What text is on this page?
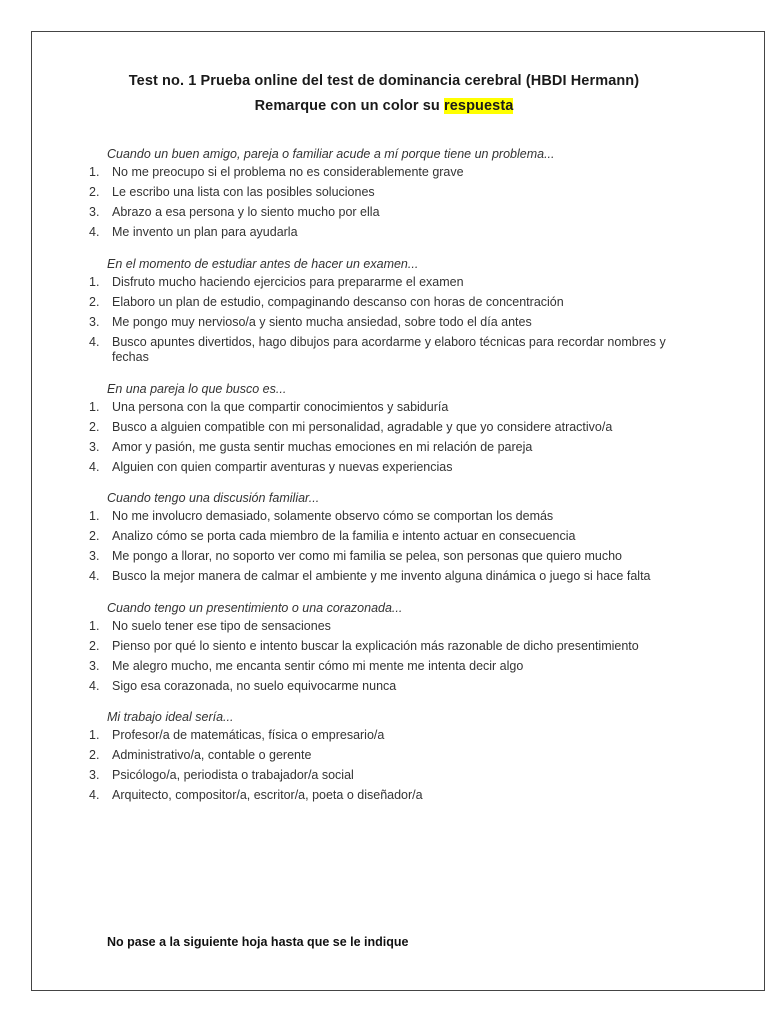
Test no. 1 Prueba online del test de dominancia cerebral (HBDI Hermann)
Remarque con un color su respuesta
Cuando un buen amigo, pareja o familiar acude a mí porque tiene un problema...
1. No me preocupo si el problema no es considerablemente grave
2. Le escribo una lista con las posibles soluciones
3. Abrazo a esa persona y lo siento mucho por ella
4. Me invento un plan para ayudarla
En el momento de estudiar antes de hacer un examen...
1. Disfruto mucho haciendo ejercicios para prepararme el examen
2. Elaboro un plan de estudio, compaginando descanso con horas de concentración
3. Me pongo muy nervioso/a y siento mucha ansiedad, sobre todo el día antes
4. Busco apuntes divertidos, hago dibujos para acordarme y elaboro técnicas para recordar nombres y fechas
En una pareja lo que busco es...
1. Una persona con la que compartir conocimientos y sabiduría
2. Busco a alguien compatible con mi personalidad, agradable y que yo considere atractivo/a
3. Amor y pasión, me gusta sentir muchas emociones en mi relación de pareja
4. Alguien con quien compartir aventuras y nuevas experiencias
Cuando tengo una discusión familiar...
1. No me involucro demasiado, solamente observo cómo se comportan los demás
2. Analizo cómo se porta cada miembro de la familia e intento actuar en consecuencia
3. Me pongo a llorar, no soporto ver como mi familia se pelea, son personas que quiero mucho
4. Busco la mejor manera de calmar el ambiente y me invento alguna dinámica o juego si hace falta
Cuando tengo un presentimiento o una corazonada...
1. No suelo tener ese tipo de sensaciones
2. Pienso por qué lo siento e intento buscar la explicación más razonable de dicho presentimiento
3. Me alegro mucho, me encanta sentir cómo mi mente me intenta decir algo
4. Sigo esa corazonada, no suelo equivocarme nunca
Mi trabajo ideal sería...
1. Profesor/a de matemáticas, física o empresario/a
2. Administrativo/a, contable o gerente
3. Psicólogo/a, periodista o trabajador/a social
4. Arquitecto, compositor/a, escritor/a, poeta o diseñador/a
No pase a la siguiente hoja hasta que se le indique
